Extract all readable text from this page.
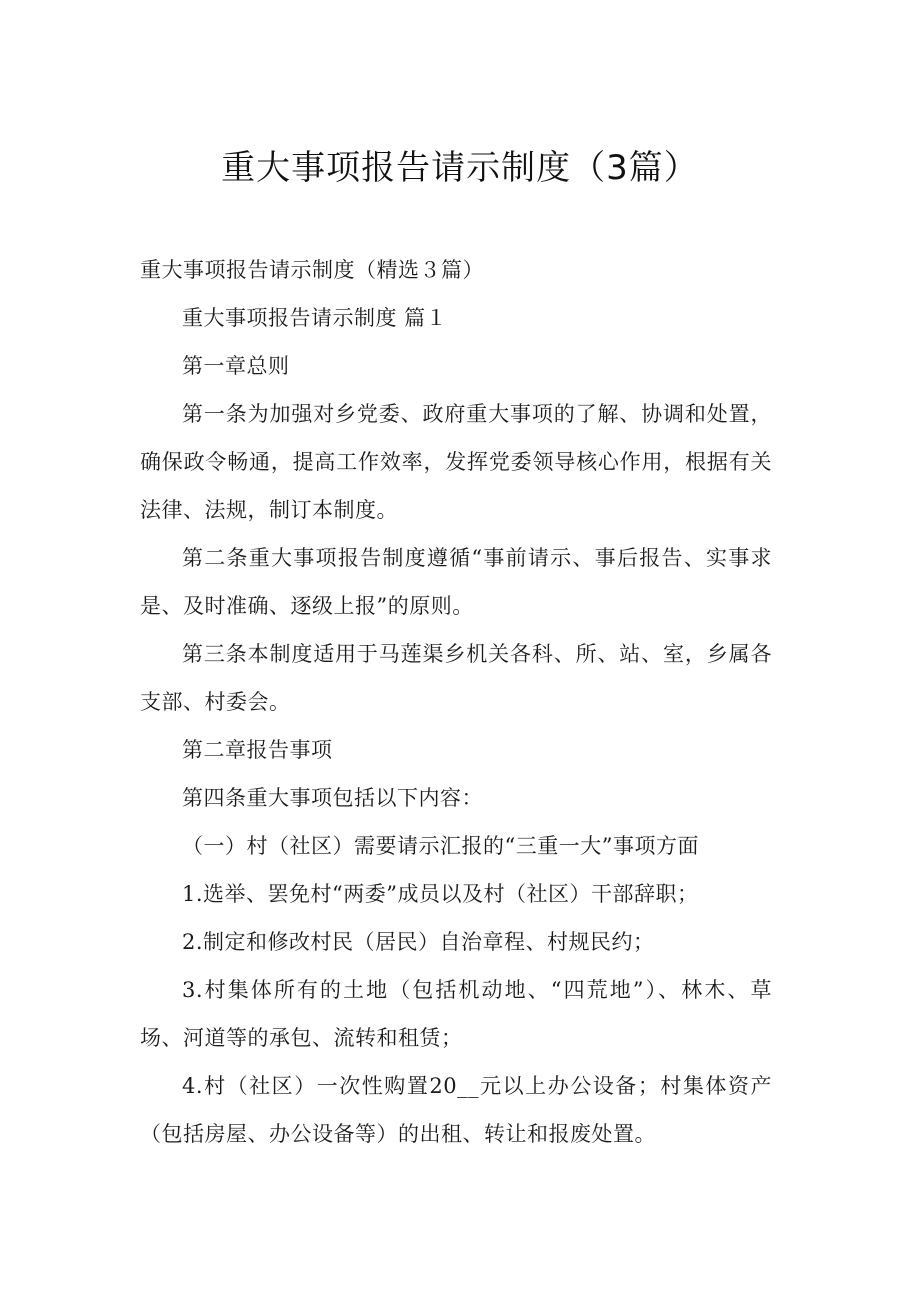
重大事项报告请示制度（3篇）

重大事项报告请示制度（精选３篇）

重大事项报告请示制度 篇１

第一章总则

第一条为加强对乡党委、政府重大事项的了解、协调和处置，确保政令畅通，提高工作效率，发挥党委领导核心作用，根据有关法律、法规，制订本制度。

第二条重大事项报告制度遵循“事前请示、事后报告、实事求是、及时准确、逐级上报”的原则。

第三条本制度适用于马莲渠乡机关各科、所、站、室，乡属各支部、村委会。

第二章报告事项

第四条重大事项包括以下内容：

（一）村（社区）需要请示汇报的“三重一大”事项方面

1.选举、罢免村“两委”成员以及村（社区）干部辞职；

2.制定和修改村民（居民）自治章程、村规民约；

3.村集体所有的土地（包括机动地、“四荒地”）、林木、草场、河道等的承包、流转和租赁；

4.村（社区）一次性购置20__元以上办公设备；村集体资产（包括房屋、办公设备等）的出租、转让和报废处置。
